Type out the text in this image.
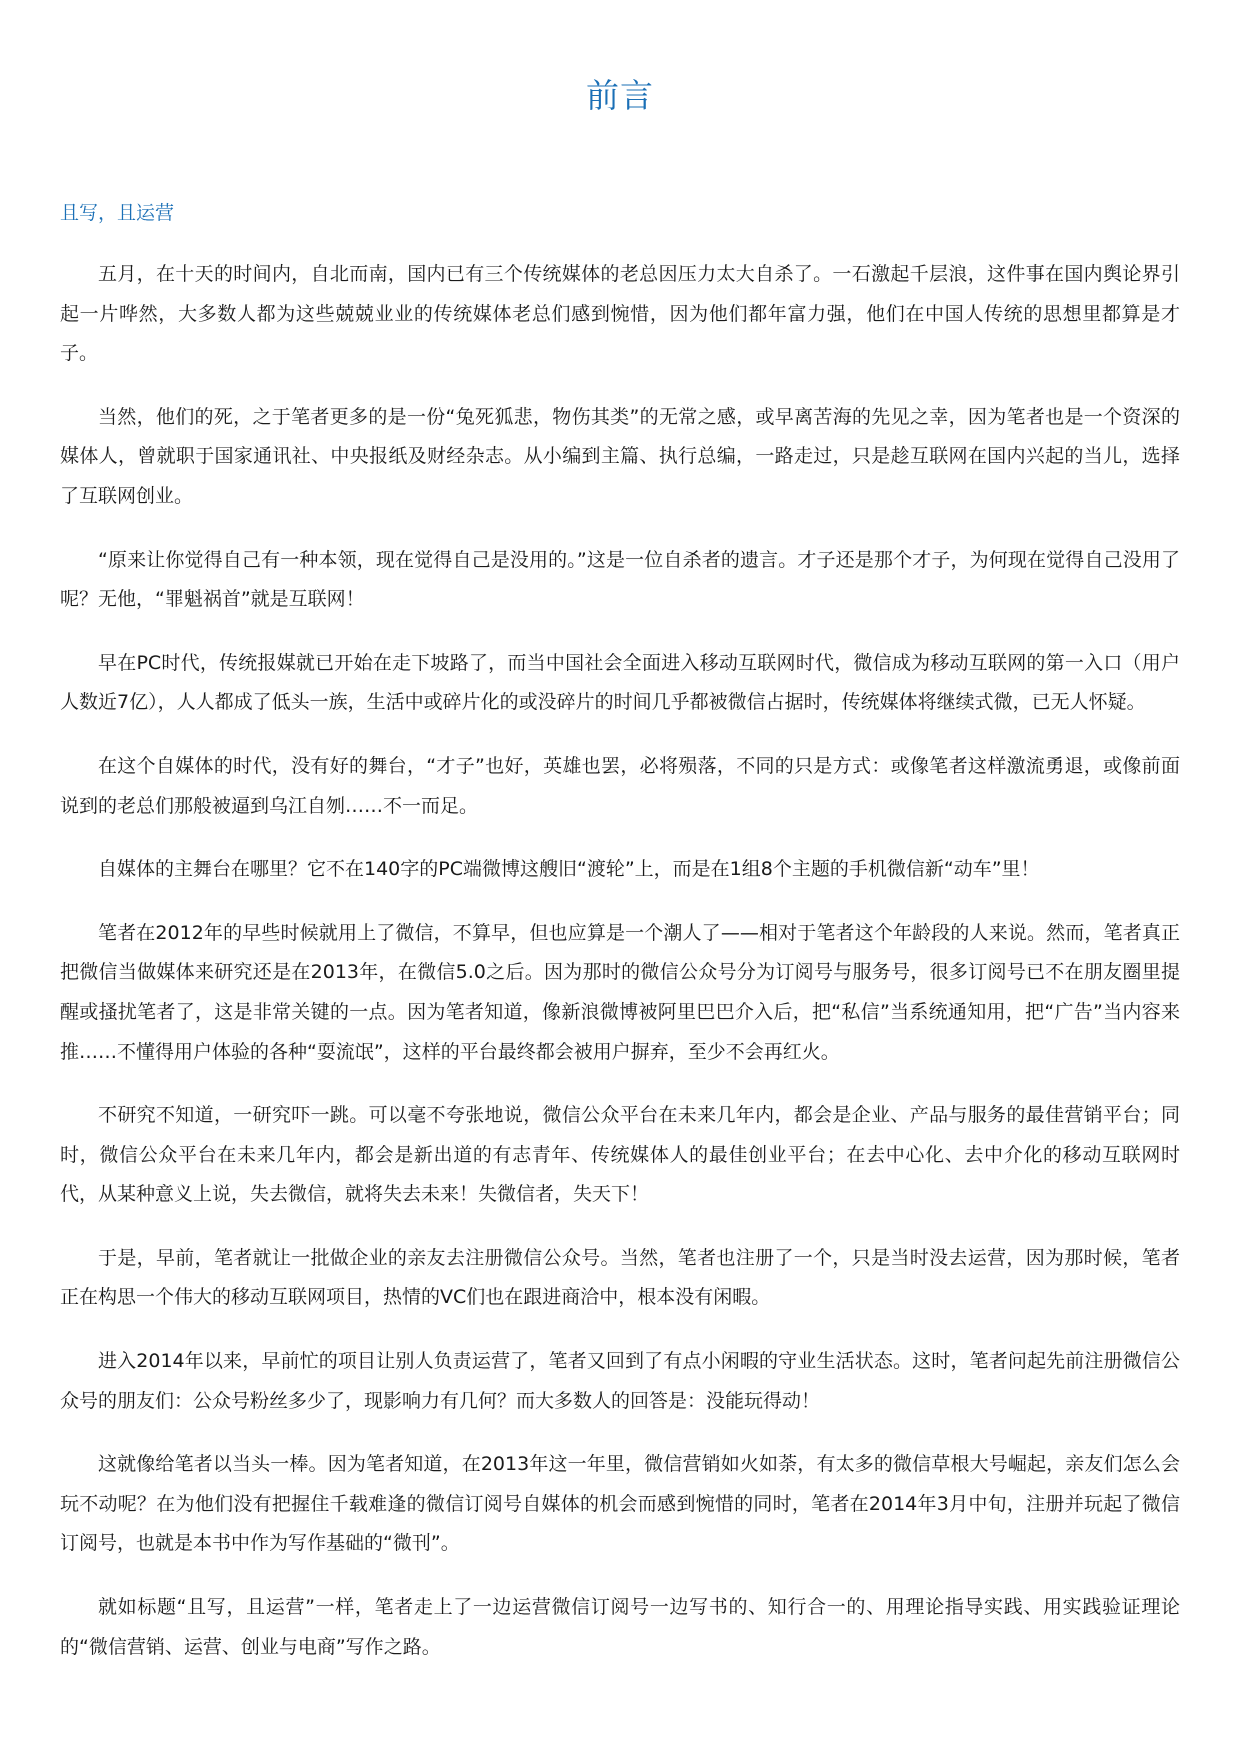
前言
且写，且运营

五月，在十天的时间内，自北而南，国内已有三个传统媒体的老总因压力太大自杀了。一石激起千层浪，这件事在国内舆论界引起一片哗然，大多数人都为这些兢兢业业的传统媒体老总们感到惋惜，因为他们都年富力强，他们在中国人传统的思想里都算是才子。

当然，他们的死，之于笔者更多的是一份“兔死狐悲，物伤其类”的无常之感，或早离苦海的先见之幸，因为笔者也是一个资深的媒体人，曾就职于国家通讯社、中央报纸及财经杂志。从小编到主篇、执行总编，一路走过，只是趁互联网在国内兴起的当儿，选择了互联网创业。

“原来让你觉得自己有一种本领，现在觉得自己是没用的。”这是一位自杀者的遗言。才子还是那个才子，为何现在觉得自己没用了呢？无他，“罪魁祸首”就是互联网！

早在PC时代，传统报媒就已开始在走下坡路了，而当中国社会全面进入移动互联网时代，微信成为移动互联网的第一入口（用户人数近7亿），人人都成了低头一族，生活中或碎片化的或没碎片的时间几乎都被微信占据时，传统媒体将继续式微，已无人怀疑。

在这个自媒体的时代，没有好的舞台，“才子”也好，英雄也罢，必将殒落，不同的只是方式：或像笔者这样激流勇退，或像前面说到的老总们那般被逼到乌江自刎……不一而足。

自媒体的主舞台在哪里？它不在140字的PC端微博这艘旧“渡轮”上，而是在1组8个主题的手机微信新“动车”里！

笔者在2012年的早些时候就用上了微信，不算早，但也应算是一个潮人了——相对于笔者这个年龄段的人来说。然而，笔者真正把微信当做媒体来研究还是在2013年，在微信5.0之后。因为那时的微信公众号分为订阅号与服务号，很多订阅号已不在朋友圈里提醒或搔扰笔者了，这是非常关键的一点。因为笔者知道，像新浪微博被阿里巴巴介入后，把“私信”当系统通知用，把“广告”当内容来推……不懂得用户体验的各种“耍流氓”，这样的平台最终都会被用户摒弃，至少不会再红火。

不研究不知道，一研究吓一跳。可以毫不夸张地说，微信公众平台在未来几年内，都会是企业、产品与服务的最佳营销平台；同时，微信公众平台在未来几年内，都会是新出道的有志青年、传统媒体人的最佳创业平台；在去中心化、去中介化的移动互联网时代，从某种意义上说，失去微信，就将失去未来！失微信者，失天下！

于是，早前，笔者就让一批做企业的亲友去注册微信公众号。当然，笔者也注册了一个，只是当时没去运营，因为那时候，笔者正在构思一个伟大的移动互联网项目，热情的VC们也在跟进商洽中，根本没有闲暇。

进入2014年以来，早前忙的项目让别人负责运营了，笔者又回到了有点小闲暇的守业生活状态。这时，笔者问起先前注册微信公众号的朋友们：公众号粉丝多少了，现影响力有几何？而大多数人的回答是：没能玩得动！

这就像给笔者以当头一棒。因为笔者知道，在2013年这一年里，微信营销如火如荼，有太多的微信草根大号崛起，亲友们怎么会玩不动呢？在为他们没有把握住千载难逢的微信订阅号自媒体的机会而感到惋惜的同时，笔者在2014年3月中旬，注册并玩起了微信订阅号，也就是本书中作为写作基础的“微刊”。

就如标题“且写，且运营”一样，笔者走上了一边运营微信订阅号一边写书的、知行合一的、用理论指导实践、用实践验证理论的“微信营销、运营、创业与电商”写作之路。
